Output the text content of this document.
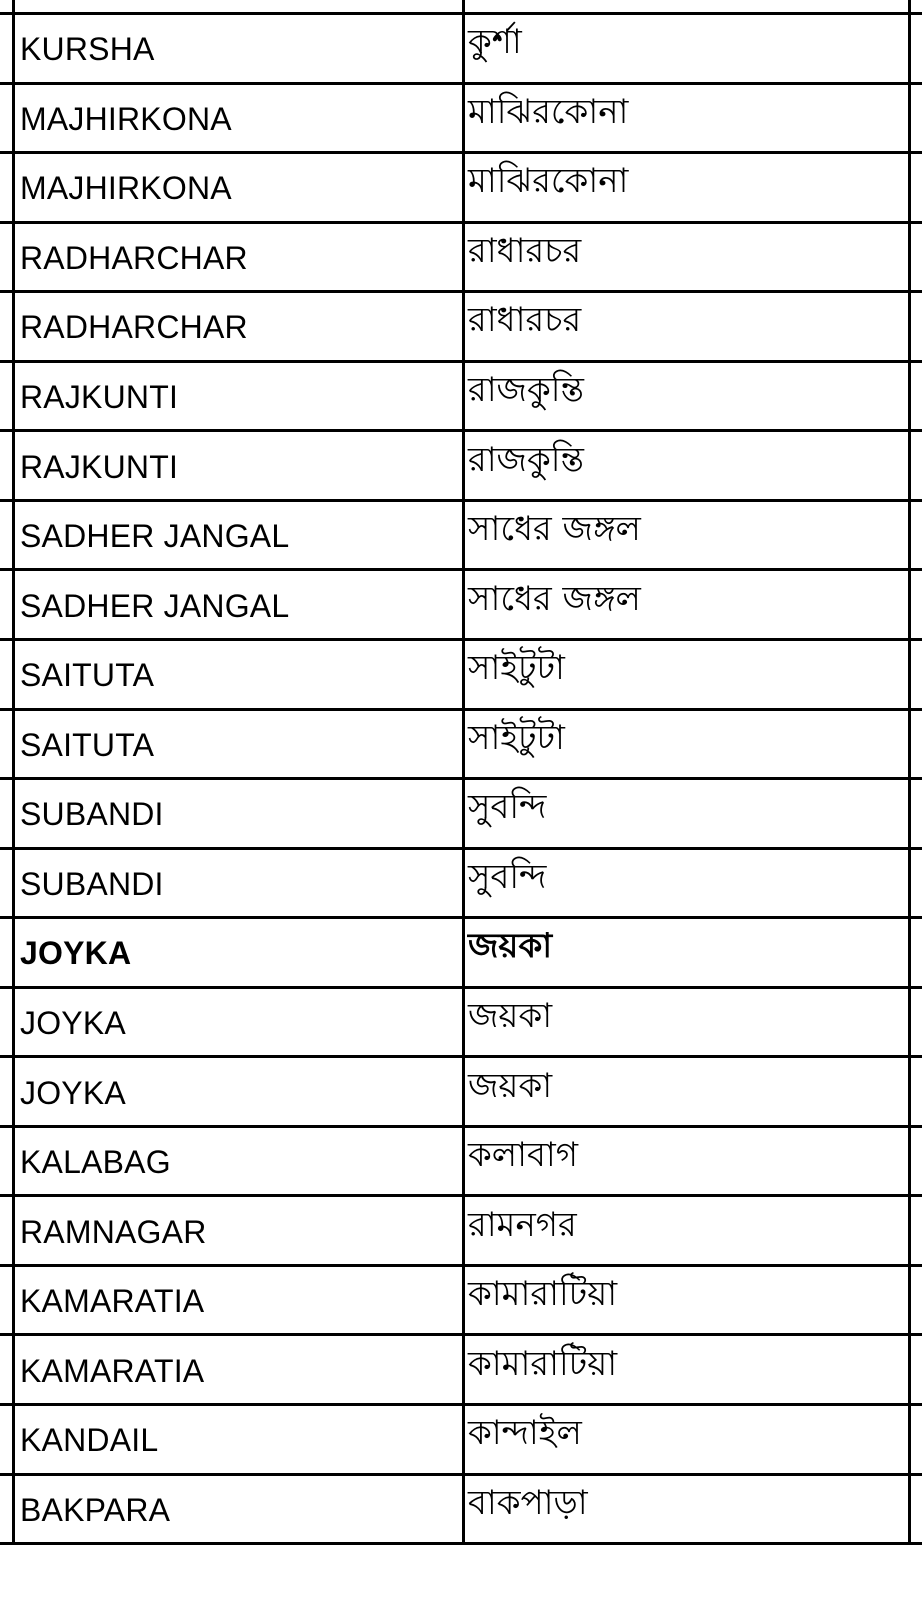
KURSHA	কুর্শা
MAJHIRKONA	মাঝিরকোনা
MAJHIRKONA	মাঝিরকোনা
RADHARCHAR	রাধারচর
RADHARCHAR	রাধারচর
RAJKUNTI	রাজকুন্তি
RAJKUNTI	রাজকুন্তি
SADHER JANGAL	সাধের জঙ্গল
SADHER JANGAL	সাধের জঙ্গল
SAITUTA	সাইটুটা
SAITUTA	সাইটুটা
SUBANDI	সুবন্দি
SUBANDI	সুবন্দি
JOYKA	জয়কা
JOYKA	জয়কা
JOYKA	জয়কা
KALABAG	কলাবাগ
RAMNAGAR	রামনগর
KAMARATIA	কামারাটিয়া
KAMARATIA	কামারাটিয়া
KANDAIL	কান্দাইল
BAKPARA	বাকপাড়া
